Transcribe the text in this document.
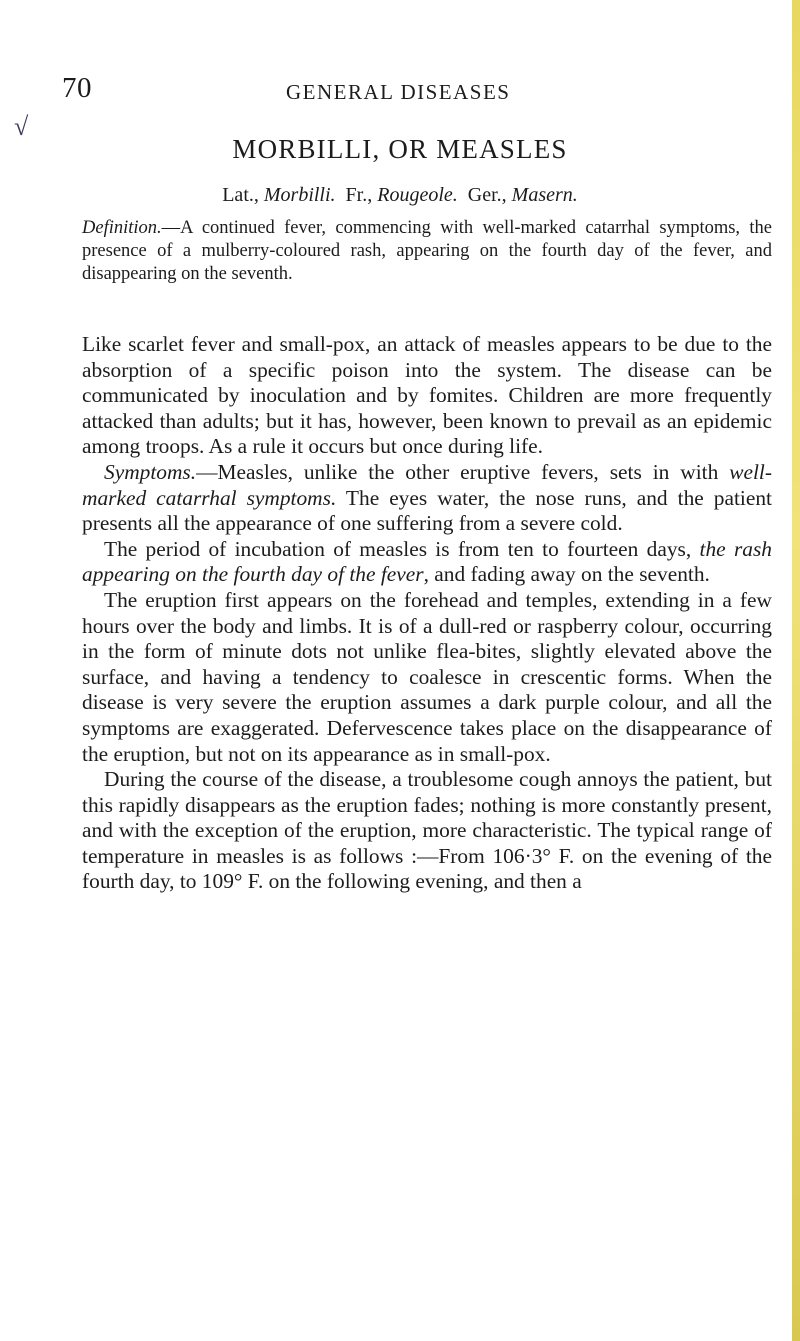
70	GENERAL DISEASES
√
MORBILLI, OR MEASLES
Lat., Morbilli. Fr., Rougeole. Ger., Masern.
Definition.—A continued fever, commencing with well-marked catarrhal symptoms, the presence of a mulberry-coloured rash, appearing on the fourth day of the fever, and disappearing on the seventh.

Like scarlet fever and small-pox, an attack of measles appears to be due to the absorption of a specific poison into the system. The disease can be communicated by inoculation and by fomites. Children are more frequently attacked than adults; but it has, however, been known to prevail as an epidemic among troops. As a rule it occurs but once during life.

Symptoms.—Measles, unlike the other eruptive fevers, sets in with well-marked catarrhal symptoms. The eyes water, the nose runs, and the patient presents all the appearance of one suffering from a severe cold.

The period of incubation of measles is from ten to fourteen days, the rash appearing on the fourth day of the fever, and fading away on the seventh.

The eruption first appears on the forehead and temples, extending in a few hours over the body and limbs. It is of a dull-red or raspberry colour, occurring in the form of minute dots not unlike flea-bites, slightly elevated above the surface, and having a tendency to coalesce in crescentic forms. When the disease is very severe the eruption assumes a dark purple colour, and all the symptoms are exaggerated. Defervescence takes place on the disappearance of the eruption, but not on its appearance as in small-pox.

During the course of the disease, a troublesome cough annoys the patient, but this rapidly disappears as the eruption fades; nothing is more constantly present, and with the exception of the eruption, more characteristic. The typical range of temperature in measles is as follows :—From 106·3° F. on the evening of the fourth day, to 109° F. on the following evening, and then a
